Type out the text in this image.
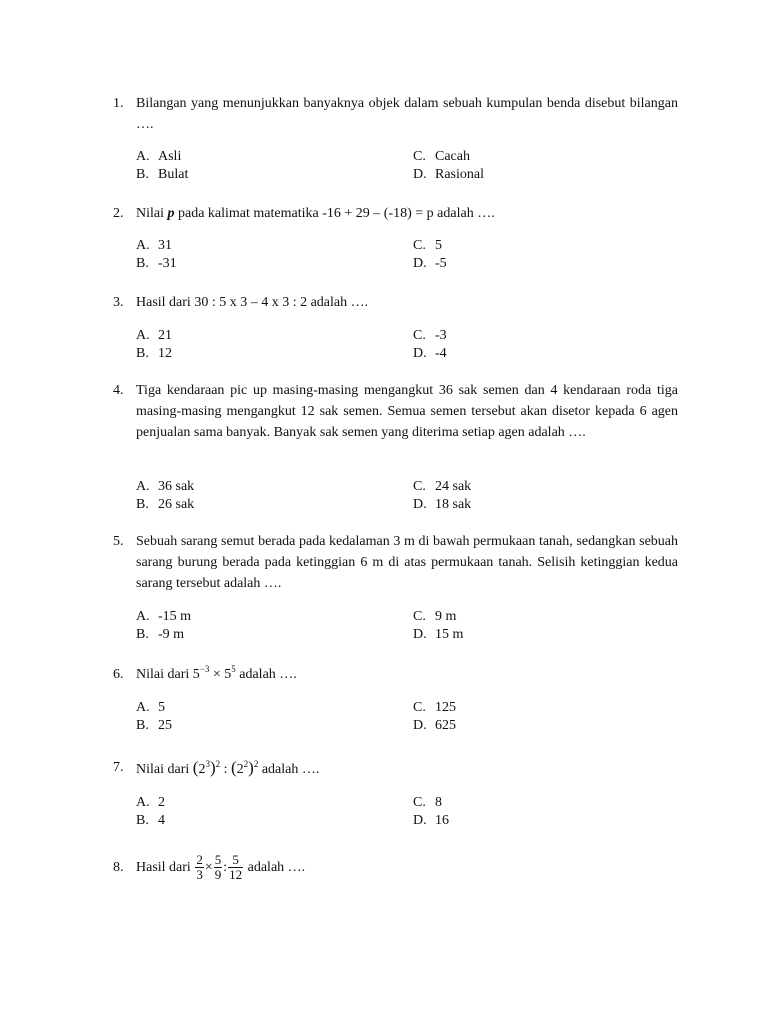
1. Bilangan yang menunjukkan banyaknya objek dalam sebuah kumpulan benda disebut bilangan ….
A. Asli
B. Bulat
C. Cacah
D. Rasional
2. Nilai p pada kalimat matematika -16 + 29 – (-18) = p adalah ….
A. 31
B. -31
C. 5
D. -5
3. Hasil dari 30 : 5 x 3 – 4 x 3 : 2 adalah ….
A. 21
B. 12
C. -3
D. -4
4. Tiga kendaraan pic up masing-masing mengangkut 36 sak semen dan 4 kendaraan roda tiga masing-masing mengangkut 12 sak semen. Semua semen tersebut akan disetor kepada 6 agen penjualan sama banyak. Banyak sak semen yang diterima setiap agen adalah ….
A. 36 sak
B. 26 sak
C. 24 sak
D. 18 sak
5. Sebuah sarang semut berada pada kedalaman 3 m di bawah permukaan tanah, sedangkan sebuah sarang burung berada pada ketinggian 6 m di atas permukaan tanah. Selisih ketinggian kedua sarang tersebut adalah ….
A. -15 m
B. -9 m
C. 9 m
D. 15 m
6. Nilai dari $5^{-3} \times 5^5$ adalah ….
A. 5
B. 25
C. 125
D. 625
7. Nilai dari $(2^3)^2$ : $(2^2)^2$ adalah ….
A. 2
B. 4
C. 8
D. 16
8. Hasil dari $\frac{2}{3} \times \frac{5}{9}$ : $\frac{5}{12}$ adalah ….
